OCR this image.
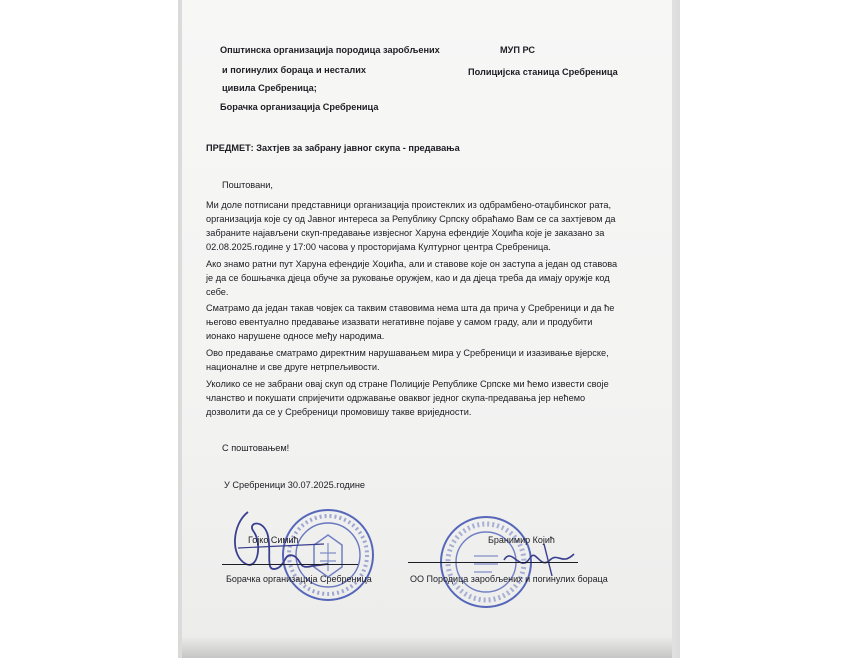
Општинска организација породица заробљених
и погинулих бораца и несталих
цивила Сребреница;
Борачка организација Сребреница
МУП РС
Полицијска станица Сребреница
ПРЕДМЕТ: Захтјев за забрану јавног скупа - предавања
Поштовани,
Ми доле потписани представници организација проистеклих из одбрамбено-отаџбинског рата,
организација које су од Јавног интереса за Републику Српску обраћамо Вам се са захтјевом да
забраните најављени скуп-предавање извјесног Харуна ефендије Хоџића које је заказано за
02.08.2025.године у 17:00 часова у просторијама Културног центра Сребреница.
Ако знамо ратни пут Харуна ефендије Хоџића, али и ставове које он заступа а један од ставова
је да се бошњачка дјеца обуче за руковање оружјем, као и да дјеца треба да имају оружје код
себе.
Сматрамо да један такав човјек са таквим ставовима нема шта да прича у Сребреници и да ће
његово евентуално предавање изазвати негативне појаве у самом граду, али и продубити
ионако нарушене односе међу народима.
Ово предавање сматрамо директним нарушавањем мира у Сребреници и изазивање вјерске,
националне и све друге нетрпељивости.
Уколико се не забрани овај скуп од стране Полиције Републике Српске ми ћемо извести своје
чланство и покушати спријечити одржавање оваквог једног скупа-предавања јер нећемо
дозволити да се у Сребреници промовишу такве вриједности.
С поштовањем!
У Сребреници 30.07.2025.године
Гојко Симић
Борачка организација Сребреница
Бранимир Којић
ОО Породица заробљених и погинулих бораца
